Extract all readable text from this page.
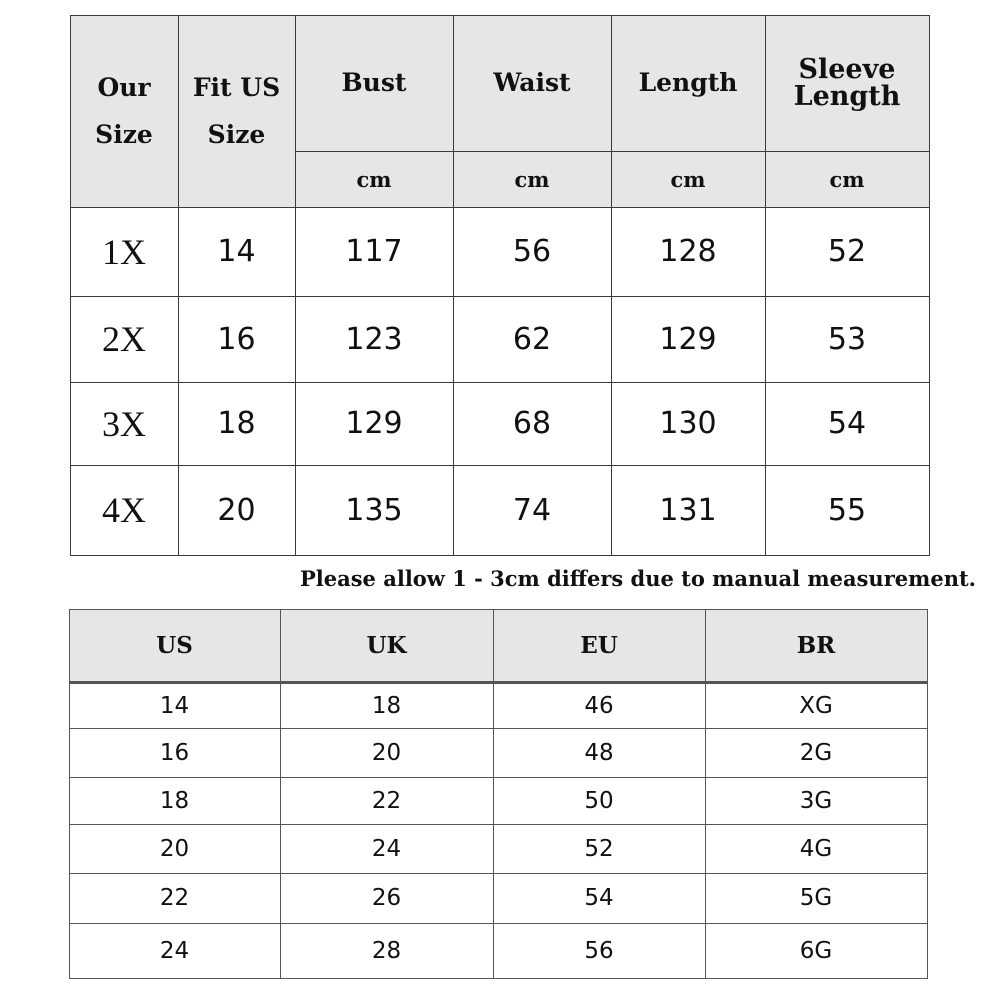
Our Size
Fit US Size
Bust	Waist	Length	Sleeve Length
cm	cm	cm	cm
1X	14	117	56	128	52
2X	16	123	62	129	53
3X	18	129	68	130	54
4X	20	135	74	131	55
Please allow 1 - 3cm differs due to manual measurement.
US	UK	EU	BR
14	18	46	XG
16	20	48	2G
18	22	50	3G
20	24	52	4G
22	26	54	5G
24	28	56	6G
